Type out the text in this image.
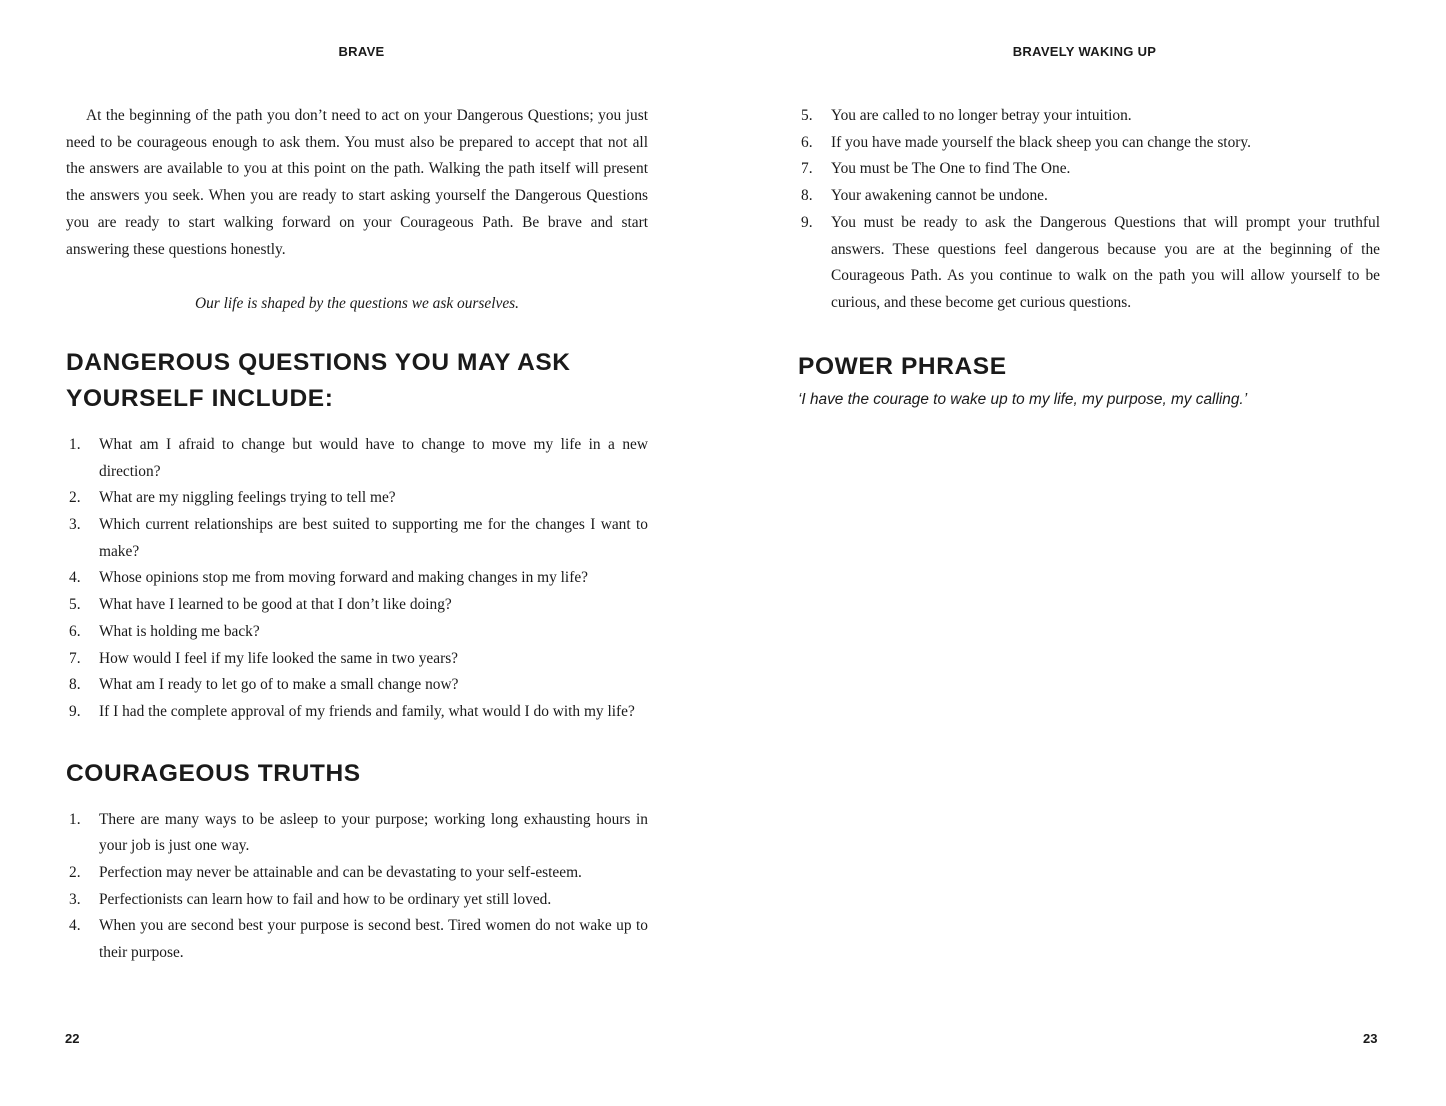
BRAVE

At the beginning of the path you don’t need to act on your Dangerous Questions; you just need to be courageous enough to ask them. You must also be prepared to accept that not all the answers are available to you at this point on the path. Walking the path itself will present the answers you seek. When you are ready to start asking yourself the Dangerous Questions you are ready to start walking forward on your Courageous Path. Be brave and start answering these questions honestly.

Our life is shaped by the questions we ask ourselves.

DANGEROUS QUESTIONS YOU MAY ASK YOURSELF INCLUDE:
1. What am I afraid to change but would have to change to move my life in a new direction?
2. What are my niggling feelings trying to tell me?
3. Which current relationships are best suited to supporting me for the changes I want to make?
4. Whose opinions stop me from moving forward and making changes in my life?
5. What have I learned to be good at that I don’t like doing?
6. What is holding me back?
7. How would I feel if my life looked the same in two years?
8. What am I ready to let go of to make a small change now?
9. If I had the complete approval of my friends and family, what would I do with my life?
COURAGEOUS TRUTHS
1. There are many ways to be asleep to your purpose; working long exhausting hours in your job is just one way.
2. Perfection may never be attainable and can be devastating to your self-esteem.
3. Perfectionists can learn how to fail and how to be ordinary yet still loved.
4. When you are second best your purpose is second best. Tired women do not wake up to their purpose.
22
BRAVELY WAKING UP
5. You are called to no longer betray your intuition.
6. If you have made yourself the black sheep you can change the story.
7. You must be The One to find The One.
8. Your awakening cannot be undone.
9. You must be ready to ask the Dangerous Questions that will prompt your truthful answers. These questions feel dangerous because you are at the beginning of the Courageous Path. As you continue to walk on the path you will allow yourself to be curious, and these become get curious questions.
POWER PHRASE

‘I have the courage to wake up to my life, my purpose, my calling.’

23
